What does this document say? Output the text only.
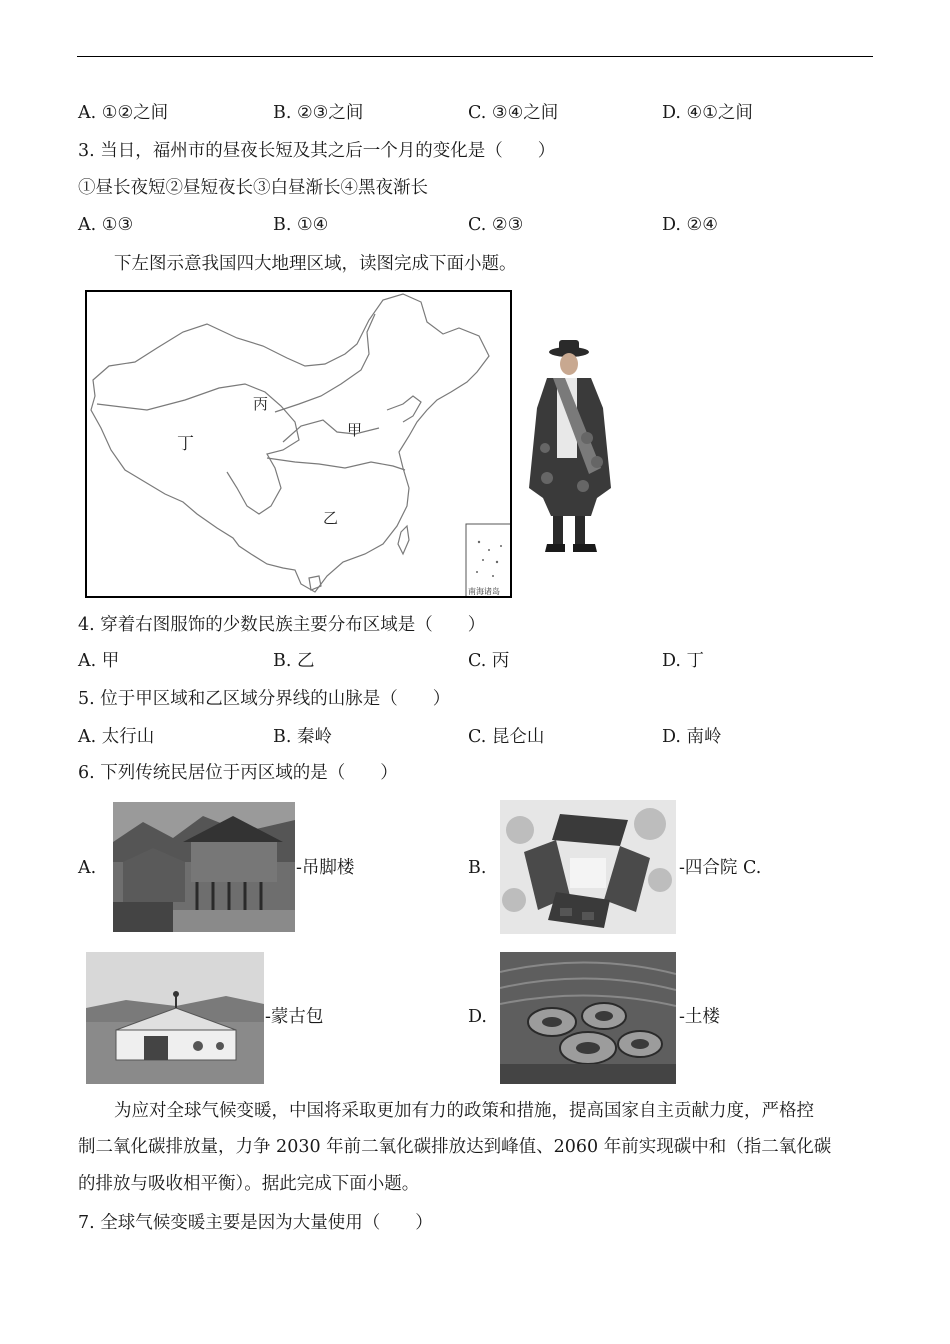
A. ①②之间	B. ②③之间	C. ③④之间	D. ④①之间
3. 当日，福州市的昼夜长短及其之后一个月的变化是（　　）
①昼长夜短②昼短夜长③白昼渐长④黑夜渐长
A. ①③	B. ①④	C. ②③	D. ②④
下左图示意我国四大地理区域，读图完成下面小题。
南海诸岛
丙
甲
丁
乙
4. 穿着右图服饰的少数民族主要分布区域是（　　）
A. 甲	B. 乙	C. 丙	D. 丁
5. 位于甲区域和乙区域分界线的山脉是（　　）
A. 太行山	B. 秦岭	C. 昆仑山	D. 南岭
6. 下列传统民居位于丙区域的是（　　）
A.	-吊脚楼	B.	-四合院 C.
-蒙古包	D.	-土楼
为应对全球气候变暖，中国将采取更加有力的政策和措施，提高国家自主贡献力度，严格控
制二氧化碳排放量，力争 2030 年前二氧化碳排放达到峰值、2060 年前实现碳中和（指二氧化碳
的排放与吸收相平衡）。据此完成下面小题。
7. 全球气候变暖主要是因为大量使用（　　）
